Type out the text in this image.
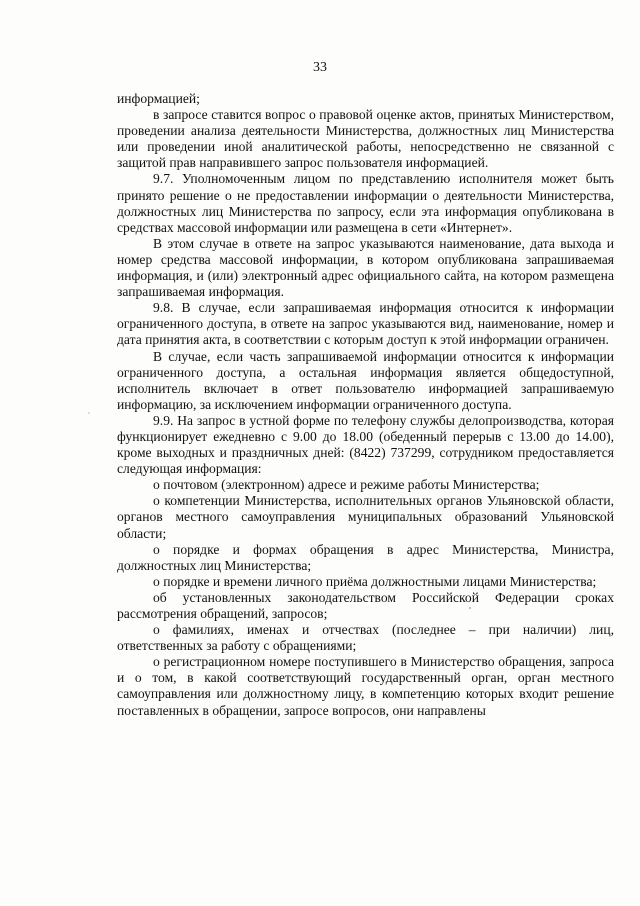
33

информацией;

в запросе ставится вопрос о правовой оценке актов, принятых Министерством, проведении анализа деятельности Министерства, должностных лиц Министерства или проведении иной аналитической работы, непосредственно не связанной с защитой прав направившего запрос пользователя информацией.

9.7. Уполномоченным лицом по представлению исполнителя может быть принято решение о не предоставлении информации о деятельности Министерства, должностных лиц Министерства по запросу, если эта информация опубликована в средствах массовой информации или размещена в сети «Интернет».

В этом случае в ответе на запрос указываются наименование, дата выхода и номер средства массовой информации, в котором опубликована запрашиваемая информация, и (или) электронный адрес официального сайта, на котором размещена запрашиваемая информация.

9.8. В случае, если запрашиваемая информация относится к информации ограниченного доступа, в ответе на запрос указываются вид, наименование, номер и дата принятия акта, в соответствии с которым доступ к этой информации ограничен.

В случае, если часть запрашиваемой информации относится к информации ограниченного доступа, а остальная информация является общедоступной, исполнитель включает в ответ пользователю информацией запрашиваемую информацию, за исключением информации ограниченного доступа.

9.9. На запрос в устной форме по телефону службы делопроизводства, которая функционирует ежедневно с 9.00 до 18.00 (обеденный перерыв с 13.00 до 14.00), кроме выходных и праздничных дней: (8422) 737299, сотрудником предоставляется следующая информация:

о почтовом (электронном) адресе и режиме работы Министерства;

о компетенции Министерства, исполнительных органов Ульяновской области, органов местного самоуправления муниципальных образований Ульяновской области;

о порядке и формах обращения в адрес Министерства, Министра, должностных лиц Министерства;

о порядке и времени личного приёма должностными лицами Министерства;

об установленных законодательством Российской Федерации сроках рассмотрения обращений, запросов;

о фамилиях, именах и отчествах (последнее – при наличии) лиц, ответственных за работу с обращениями;

о регистрационном номере поступившего в Министерство обращения, запроса и о том, в какой соответствующий государственный орган, орган местного самоуправления или должностному лицу, в компетенцию которых входит решение поставленных в обращении, запросе вопросов, они направлены
